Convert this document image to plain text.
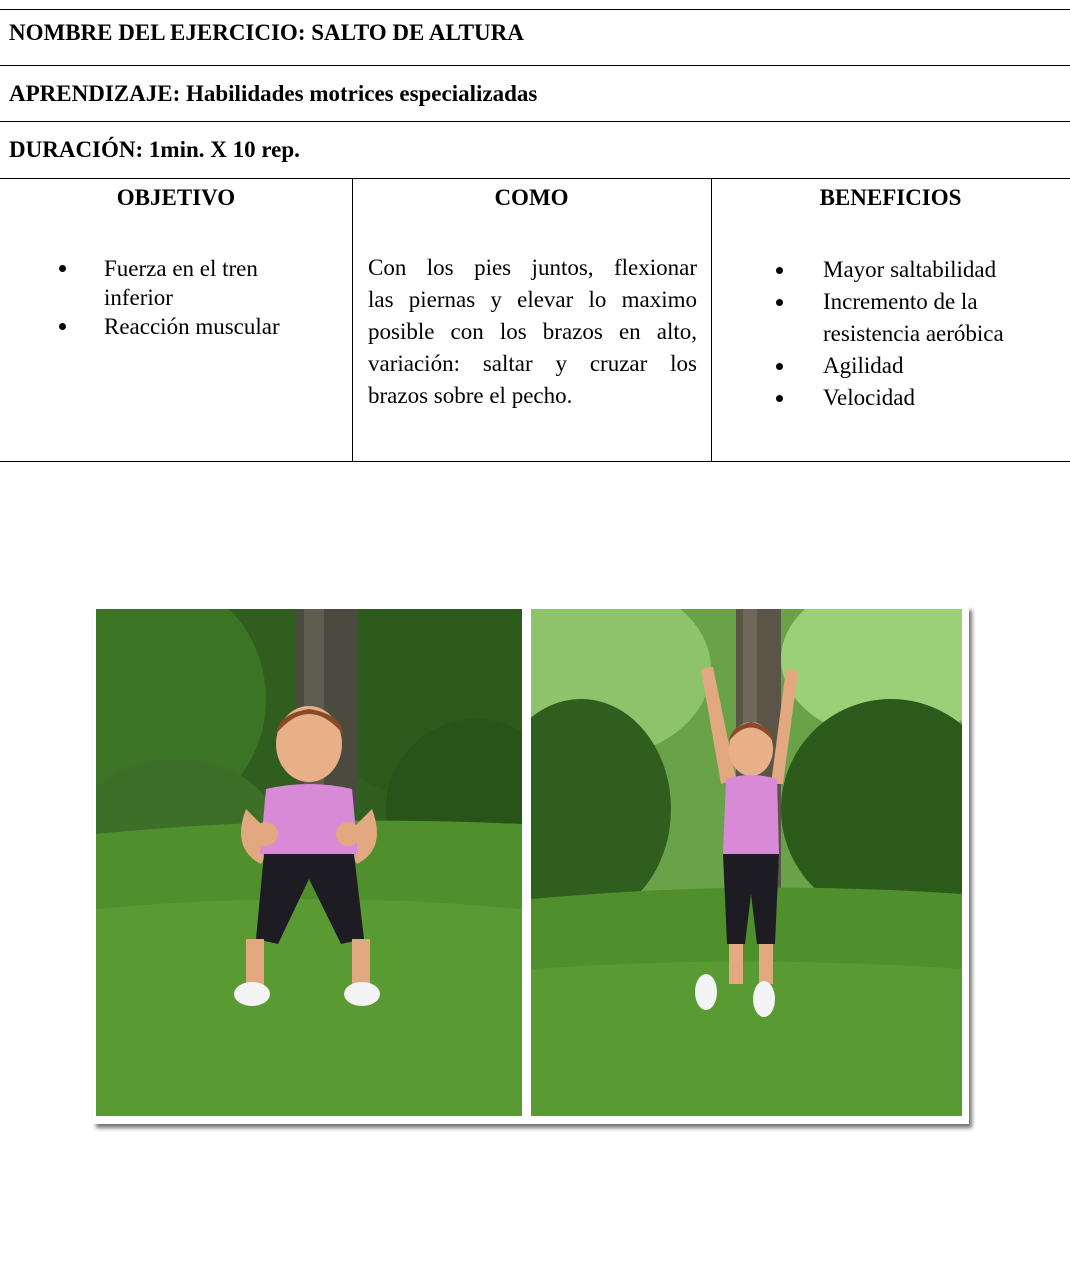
NOMBRE DEL EJERCICIO: SALTO DE ALTURA
APRENDIZAJE: Habilidades motrices especializadas
DURACIÓN: 1min. X 10 rep.
OBJETIVO	COMO	BENEFICIOS
Fuerza en el tren
inferior
Reacción muscular
Con los pies juntos, flexionar
las piernas y elevar lo maximo
posible con los brazos en alto,
variación: saltar y cruzar los
brazos sobre el pecho.
Mayor saltabilidad
Incremento de la
resistencia aeróbica
Agilidad
Velocidad
